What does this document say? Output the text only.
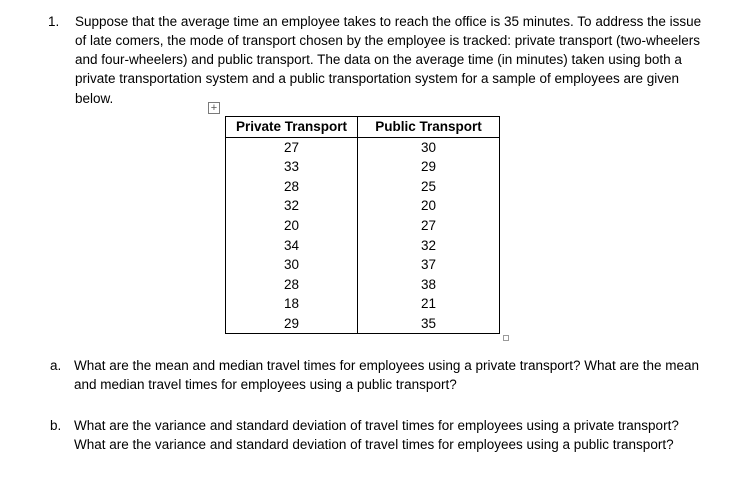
1.	Suppose that the average time an employee takes to reach the office is 35 minutes. To address the issue of late comers, the mode of transport chosen by the employee is tracked: private transport (two-wheelers and four-wheelers) and public transport. The data on the average time (in minutes) taken using both a private transportation system and a public transportation system for a sample of employees are given below.
+
Private Transport	Public Transport
27	30
33	29
28	25
32	20
20	27
34	32
30	37
28	38
18	21
29	35
a. What are the mean and median travel times for employees using a private transport? What are the mean and median travel times for employees using a public transport?
b. What are the variance and standard deviation of travel times for employees using a private transport? What are the variance and standard deviation of travel times for employees using a public transport?
